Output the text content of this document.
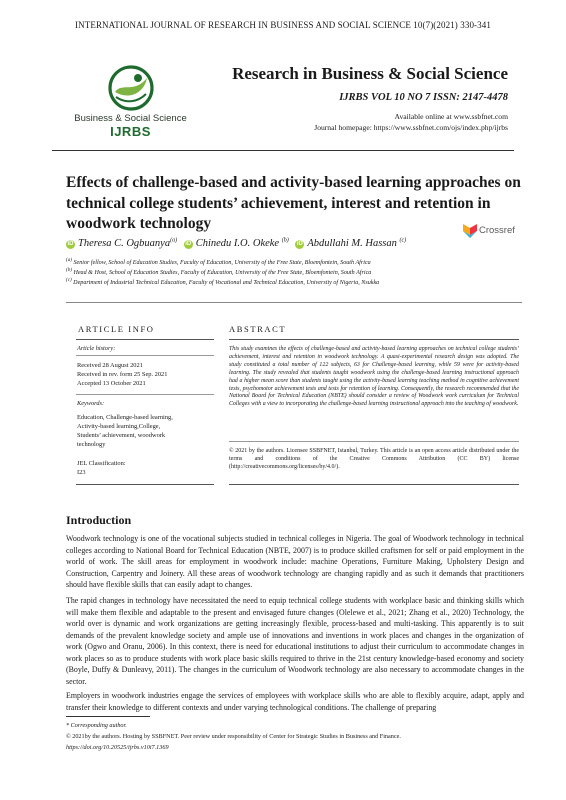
INTERNATIONAL JOURNAL OF RESEARCH IN BUSINESS AND SOCIAL SCIENCE 10(7)(2021) 330-341
Business & Social Science
IJRBS
Research in Business & Social Science
IJRBS VOL 10 NO 7 ISSN: 2147-4478
Available online at www.ssbfnet.com
Journal homepage: https://www.ssbfnet.com/ojs/index.php/ijrbs
Effects of challenge-based and activity-based learning approaches on technical college students’ achievement, interest and retention in woodwork technology	Crossref
iD Theresa C. Ogbuanya$^{(a)}$ iD Chinedu I.O. Okeke $^{(b)}$ iD Abdullahi M. Hassan $^{(c)}$
$^{(a)}$ Senior fellow, School of Education Studies, Faculty of Education, University of the Free State, Bloemfontein, South Africa
$^{(b)}$ Head & Host, School of Education Studies, Faculty of Education, University of the Free State, Bloemfontein, South Africa
$^{(c)}$ Department of Industrial Technical Education, Faculty of Vocational and Technical Education, University of Nigeria, Nsukka
ARTICLE INFO
Article history:
Received 28 August 2021
Received in rev. form 25 Sep. 2021
Accepted 13 October 2021
Keywords:
Education, Challenge-based learning,
Activity-based learning,College,
Students’ achievement, woodwork
technology
JEL Classification:
I23
ABSTRACT
This study examines the effects of challenge-based and activity-based learning approaches on technical college students’ achievement, interest and retention in woodwork technology. A quasi-experimental research design was adopted. The study constituted a total number of 122 subjects, 63 for Challenge-based learning, while 59 were for activity-based learning. The study revealed that students taught woodwork using the challenge-based learning instructional approach had a higher mean score than students taught using the activity-based learning teaching method in cognitive achievement tests, psychomotor achievement tests and tests for retention of learning. Consequently, the research recommended that the National Board for Technical Education (NBTE) should consider a review of Woodwork work curriculum for Technical Colleges with a view to incorporating the challenge-based learning instructional approach into the teaching of woodwork.
© 2021 by the authors. Licensee SSBFNET, Istanbul, Turkey. This article is an open access article distributed under the terms and conditions of the Creative Commons Attribution (CC BY) license (http://creativecommons.org/licenses/by/4.0/).
Introduction
Woodwork technology is one of the vocational subjects studied in technical colleges in Nigeria. The goal of Woodwork technology in technical colleges according to National Board for Technical Education (NBTE, 2007) is to produce skilled craftsmen for self or paid employment in the world of work. The skill areas for employment in woodwork include: machine Operations, Furniture Making, Upholstery Design and Construction, Carpentry and Joinery. All these areas of woodwork technology are changing rapidly and as such it demands that practitioners should have flexible skills that can easily adapt to changes.
The rapid changes in technology have necessitated the need to equip technical college students with workplace basic and thinking skills which will make them flexible and adaptable to the present and envisaged future changes (Olelewe et al., 2021; Zhang et al., 2020) Technology, the world over is dynamic and work organizations are getting increasingly flexible, process-based and multi-tasking. This apparently is to suit demands of the prevalent knowledge society and ample use of innovations and inventions in work places and changes in the organization of work (Ogwo and Oranu, 2006). In this context, there is need for educational institutions to adjust their curriculum to accommodate changes in work places so as to produce students with work place basic skills required to thrive in the 21st century knowledge-based economy and society (Boyle, Duffy & Dunleavy, 2011). The changes in the curriculum of Woodwork technology are also necessary to accommodate changes in the sector.
Employers in woodwork industries engage the services of employees with workplace skills who are able to flexibly acquire, adapt, apply and transfer their knowledge to different contexts and under varying technological conditions. The challenge of preparing
* Corresponding author.
© 2021by the authors. Hosting by SSBFNET. Peer review under responsibility of Center for Strategic Studies in Business and Finance.
https://doi.org/10.20525/ijrbs.v10i7.1369
